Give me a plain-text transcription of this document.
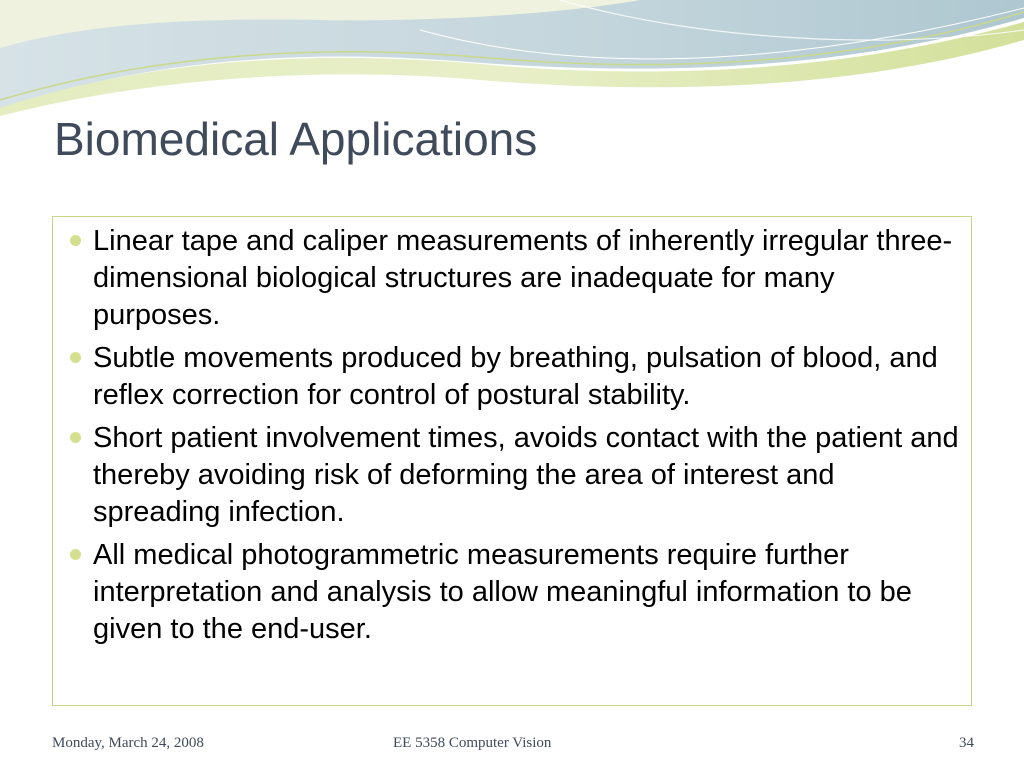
Biomedical Applications
Linear tape and caliper measurements of inherently irregular three-dimensional biological structures are inadequate for many purposes.
Subtle movements produced by breathing, pulsation of blood, and reflex correction for control of postural stability.
Short patient involvement times, avoids contact with the patient and thereby avoiding risk of deforming the area of interest and spreading infection.
All medical photogrammetric measurements require further interpretation and analysis to allow meaningful information to be given to the end-user.
Monday, March 24, 2008	EE 5358 Computer Vision	34
